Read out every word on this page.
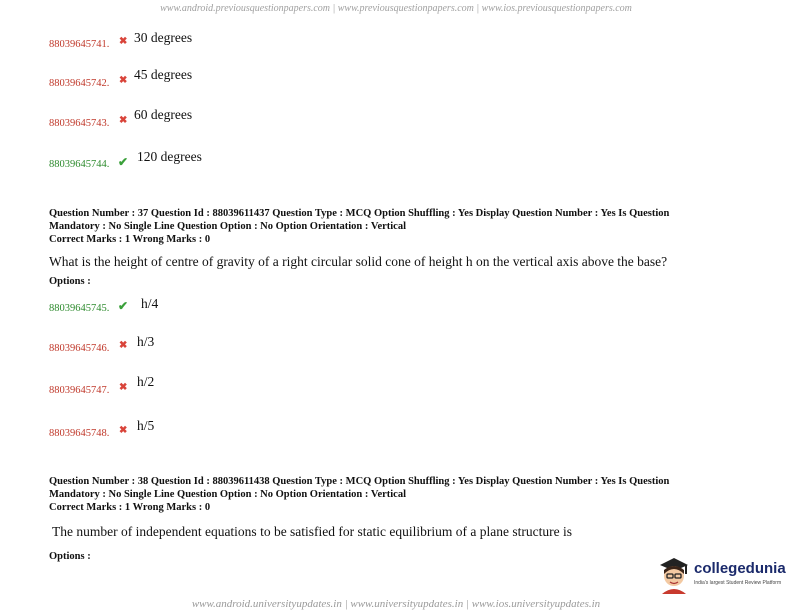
www.android.previousquestionpapers.com | www.previousquestionpapers.com | www.ios.previousquestionpapers.com
88039645741. ✖ 30 degrees
88039645742. ✖ 45 degrees
88039645743. ✖ 60 degrees
88039645744. ✔ 120 degrees
Question Number : 37 Question Id : 88039611437 Question Type : MCQ Option Shuffling : Yes Display Question Number : Yes Is Question
Mandatory : No Single Line Question Option : No Option Orientation : Vertical
Correct Marks : 1 Wrong Marks : 0
What is the height of centre of gravity of a right circular solid cone of height h on the vertical axis above the base?
Options :
88039645745. ✔ h/4
88039645746. ✖ h/3
88039645747. ✖ h/2
88039645748. ✖ h/5
Question Number : 38 Question Id : 88039611438 Question Type : MCQ Option Shuffling : Yes Display Question Number : Yes Is Question
Mandatory : No Single Line Question Option : No Option Orientation : Vertical
Correct Marks : 1 Wrong Marks : 0
The number of independent equations to be satisfied for static equilibrium of a plane structure is
Options :
collegedunia
India's largest Student Review Platform
www.android.universityupdates.in | www.universityupdates.in | www.ios.universityupdates.in
